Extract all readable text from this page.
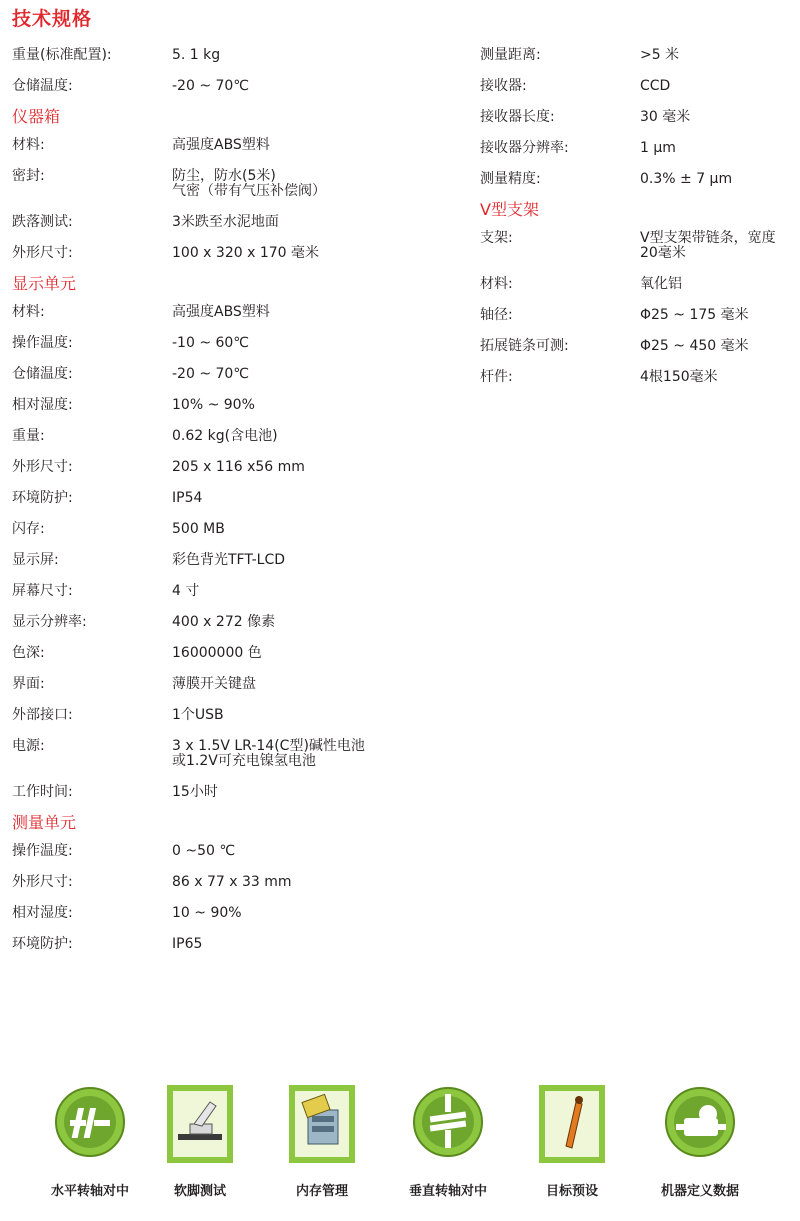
技术规格
重量(标准配置):	5. 1 kg
仓储温度:	-20 ~ 70℃
仪器箱
材料:	高强度ABS塑料
密封:	防尘，防水(5米)
气密（带有气压补偿阀）
跌落测试:	3米跌至水泥地面
外形尺寸:	100 x 320 x 170 毫米
显示单元
材料:	高强度ABS塑料
操作温度:	-10 ~ 60℃
仓储温度:	-20 ~ 70℃
相对湿度:	10% ~ 90%
重量:	0.62 kg(含电池)
外形尺寸:	205 x 116 x56 mm
环境防护:	IP54
闪存:	500 MB
显示屏:	彩色背光TFT-LCD
屏幕尺寸:	4 寸
显示分辨率:	400 x 272 像素
色深:	16000000 色
界面:	薄膜开关键盘
外部接口:	1个USB
电源:	3 x 1.5V LR-14(C型)碱性电池
或1.2V可充电镍氢电池
工作时间:	15小时
测量单元
操作温度:	0 ~50 ℃
外形尺寸:	86 x 77 x 33 mm
相对湿度:	10 ~ 90%
环境防护:	IP65
测量距离:	>5 米
接收器:	CCD
接收器长度:	30 毫米
接收器分辨率:	1 μm
测量精度:	0.3% ± 7 μm
V型支架
支架:	V型支架带链条，宽度
20毫米
材料:	氧化铝
轴径:	Φ25 ~ 175 毫米
拓展链条可测:	Φ25 ~ 450 毫米
杆件:	4根150毫米
水平转轴对中	软脚测试	内存管理	垂直转轴对中	目标预设	机器定义数据
